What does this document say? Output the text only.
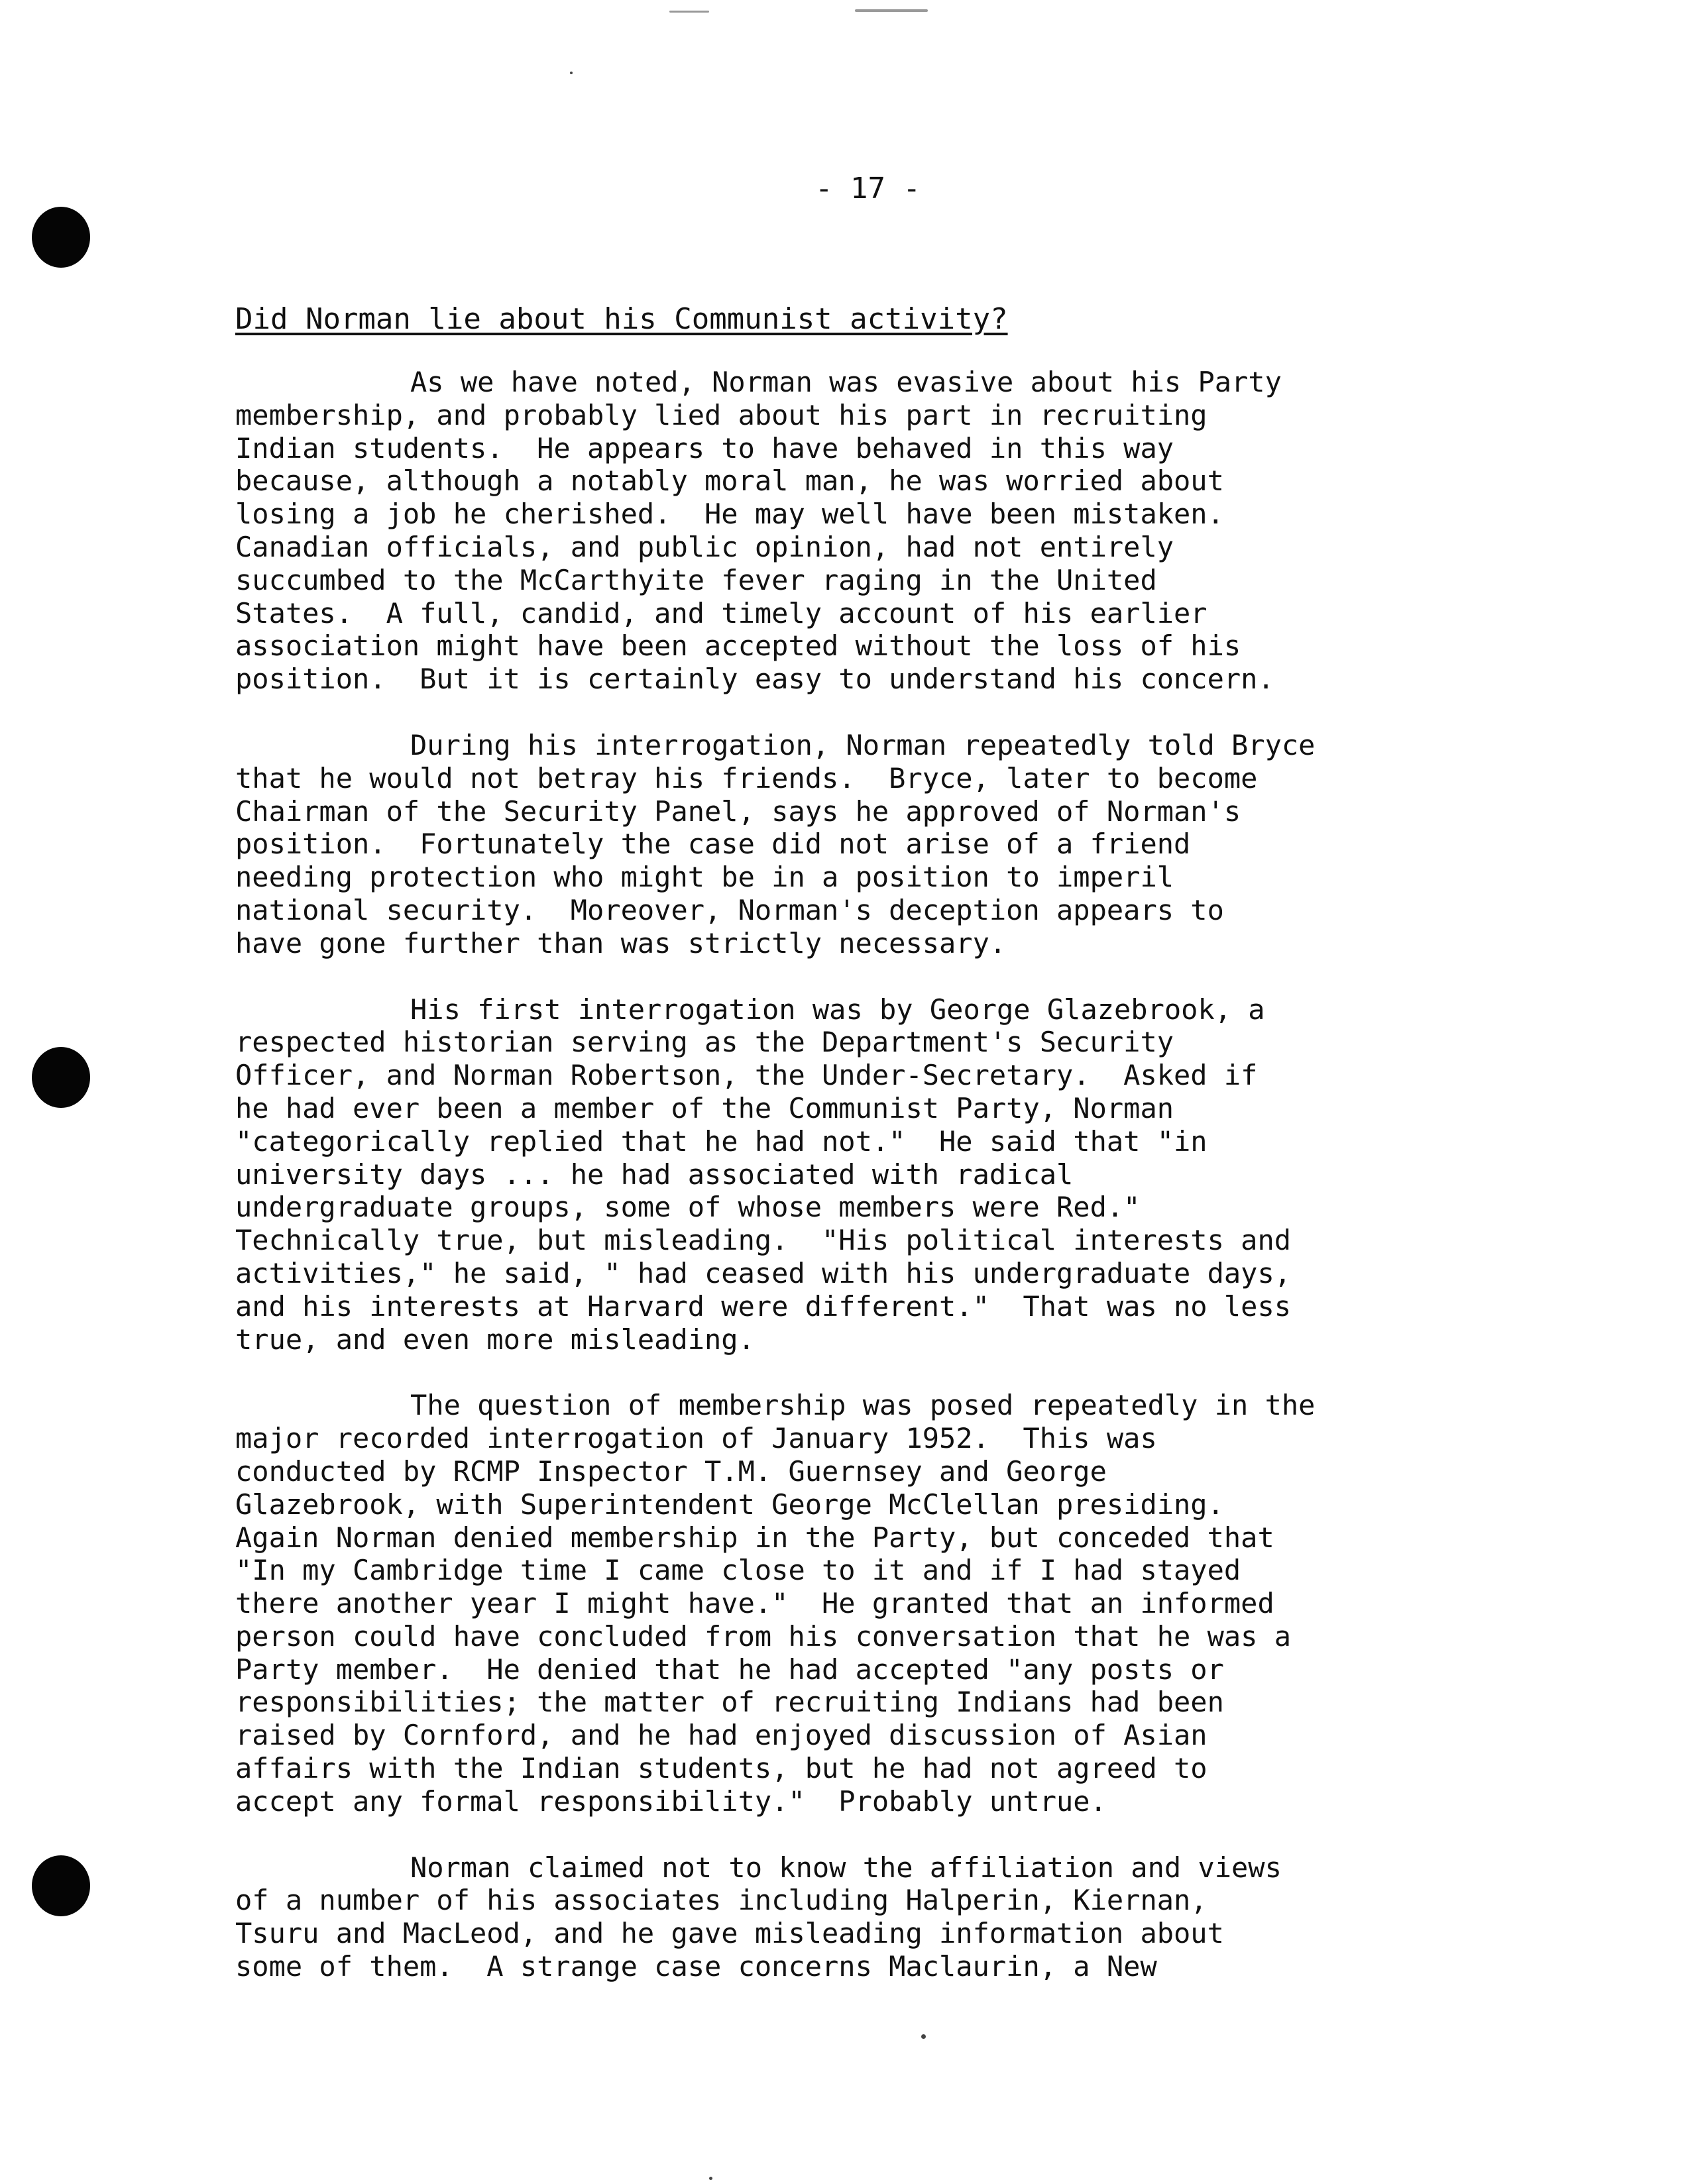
- 17 -
Did Norman lie about his Communist activity?
As we have noted, Norman was evasive about his Party
membership, and probably lied about his part in recruiting
Indian students.  He appears to have behaved in this way
because, although a notably moral man, he was worried about
losing a job he cherished.  He may well have been mistaken.
Canadian officials, and public opinion, had not entirely
succumbed to the McCarthyite fever raging in the United
States.  A full, candid, and timely account of his earlier
association might have been accepted without the loss of his
position.  But it is certainly easy to understand his concern.
During his interrogation, Norman repeatedly told Bryce
that he would not betray his friends.  Bryce, later to become
Chairman of the Security Panel, says he approved of Norman's
position.  Fortunately the case did not arise of a friend
needing protection who might be in a position to imperil
national security.  Moreover, Norman's deception appears to
have gone further than was strictly necessary.
His first interrogation was by George Glazebrook, a
respected historian serving as the Department's Security
Officer, and Norman Robertson, the Under-Secretary.  Asked if
he had ever been a member of the Communist Party, Norman
"categorically replied that he had not."  He said that "in
university days ... he had associated with radical
undergraduate groups, some of whose members were Red."
Technically true, but misleading.  "His political interests and
activities," he said, " had ceased with his undergraduate days,
and his interests at Harvard were different."  That was no less
true, and even more misleading.
The question of membership was posed repeatedly in the
major recorded interrogation of January 1952.  This was
conducted by RCMP Inspector T.M. Guernsey and George
Glazebrook, with Superintendent George McClellan presiding.
Again Norman denied membership in the Party, but conceded that
"In my Cambridge time I came close to it and if I had stayed
there another year I might have."  He granted that an informed
person could have concluded from his conversation that he was a
Party member.  He denied that he had accepted "any posts or
responsibilities; the matter of recruiting Indians had been
raised by Cornford, and he had enjoyed discussion of Asian
affairs with the Indian students, but he had not agreed to
accept any formal responsibility."  Probably untrue.
Norman claimed not to know the affiliation and views
of a number of his associates including Halperin, Kiernan,
Tsuru and MacLeod, and he gave misleading information about
some of them.  A strange case concerns Maclaurin, a New
